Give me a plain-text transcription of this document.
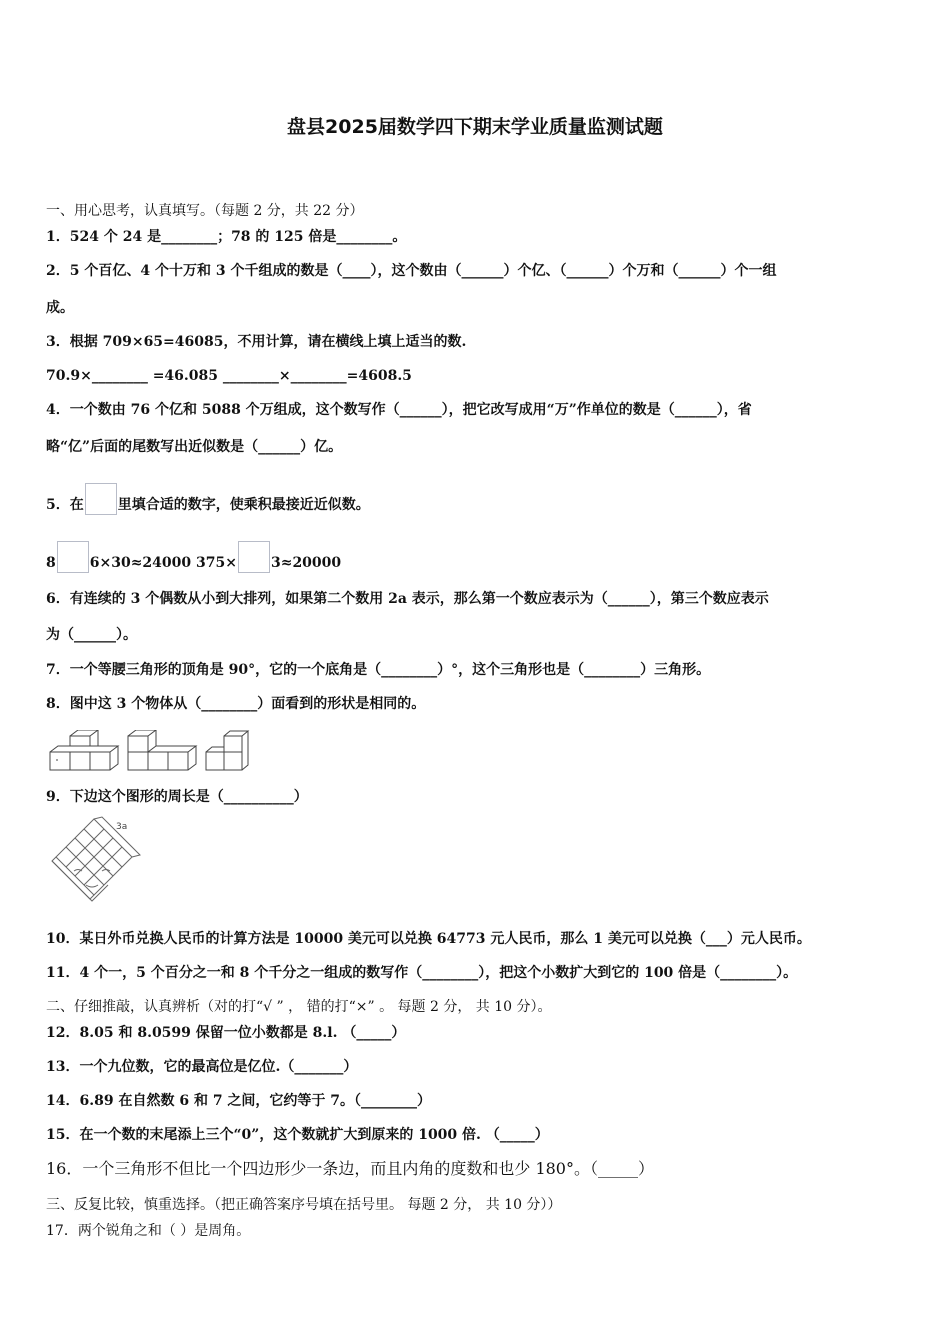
盘县2025届数学四下期末学业质量监测试题
一、用心思考，认真填写。（每题 2 分，共 22 分）
1．524 个 24 是________；78 的 125 倍是________。
2．5 个百亿、4 个十万和 3 个千组成的数是（____），这个数由（______）个亿、（______）个万和（______）个一组
成。
3．根据 709×65=46085，不用计算，请在横线上填上适当的数.
70.9×________ =46.085 ________×________=4608.5
4．一个数由 76 个亿和 5088 个万组成，这个数写作（______），把它改写成用“万”作单位的数是（______），省
略“亿”后面的尾数写出近似数是（______）亿。
5．在 里填合适的数字，使乘积最接近近似数。
8 6×30≈24000 375× 3≈20000
6．有连续的 3 个偶数从小到大排列，如果第二个数用 2a 表示，那么第一个数应表示为（______），第三个数应表示
为（______）。
7．一个等腰三角形的顶角是 90°，它的一个底角是（________）°，这个三角形也是（________）三角形。
8．图中这 3 个物体从（________）面看到的形状是相同的。
9．下边这个图形的周长是（__________）
3a
10．某日外币兑换人民币的计算方法是 10000 美元可以兑换 64773 元人民币，那么 1 美元可以兑换（___）元人民币。
11．4 个一，5 个百分之一和 8 个千分之一组成的数写作（________），把这个小数扩大到它的 100 倍是（________）。
二、仔细推敲，认真辨析（对的打“√ ” ， 错的打“×” 。 每题 2 分， 共 10 分）。
12．8.05 和 8.0599 保留一位小数都是 8.l. （_____）
13．一个九位数，它的最高位是亿位.（_______）
14．6.89 在自然数 6 和 7 之间，它约等于 7。（________）
15．在一个数的末尾添上三个“0”，这个数就扩大到原来的 1000 倍. （_____）
16．一个三角形不但比一个四边形少一条边，而且内角的度数和也少 180°。（_____）
三、反复比较，慎重选择。（把正确答案序号填在括号里。 每题 2 分， 共 10 分））
17．两个锐角之和（ ）是周角。
